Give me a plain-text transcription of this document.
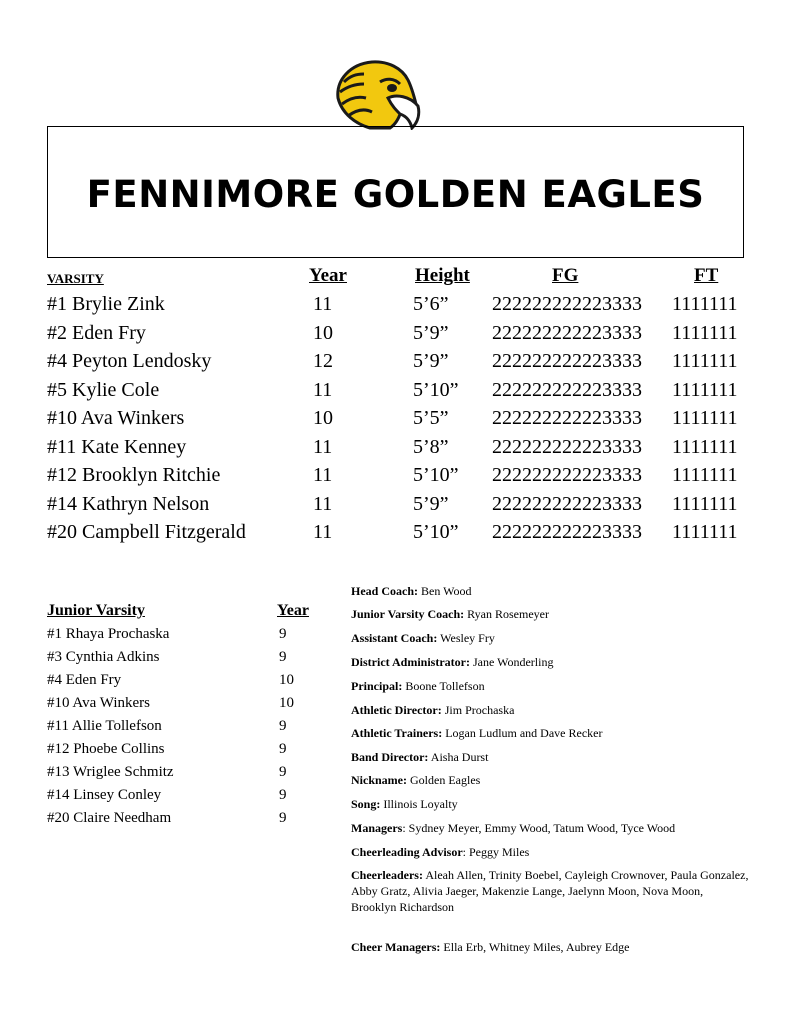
FENNIMORE GOLDEN EAGLES
VARSITY	Year	Height	FG	FT
#1 Brylie Zink	11	5’6” 222222222223333 1111111
#2 Eden Fry	10	5’9” 222222222223333 1111111
#4 Peyton Lendosky	12	5’9” 222222222223333 1111111
#5 Kylie Cole	11	5’10” 222222222223333 1111111
#10 Ava Winkers	10	5’5” 222222222223333 1111111
#11 Kate Kenney	11	5’8” 222222222223333 1111111
#12 Brooklyn Ritchie	11	5’10” 222222222223333 1111111
#14 Kathryn Nelson	11	5’9” 222222222223333 1111111
#20 Campbell Fitzgerald	11	5’10” 222222222223333 1111111
Junior Varsity	Year
#1 Rhaya Prochaska	9
#3 Cynthia Adkins	9
#4 Eden Fry	10
#10 Ava Winkers	10
#11 Allie Tollefson	9
#12 Phoebe Collins	9
#13 Wriglee Schmitz	9
#14 Linsey Conley	9
#20 Claire Needham	9
Head Coach: Ben Wood
Junior Varsity Coach: Ryan Rosemeyer
Assistant Coach: Wesley Fry
District Administrator: Jane Wonderling
Principal: Boone Tollefson
Athletic Director: Jim Prochaska
Athletic Trainers: Logan Ludlum and Dave Recker
Band Director: Aisha Durst
Nickname: Golden Eagles
Song: Illinois Loyalty
Managers: Sydney Meyer, Emmy Wood, Tatum Wood, Tyce Wood
Cheerleading Advisor: Peggy Miles
Cheerleaders: Aleah Allen, Trinity Boebel, Cayleigh Crownover, Paula Gonzalez, Abby Gratz, Alivia Jaeger, Makenzie Lange, Jaelynn Moon, Nova Moon, Brooklyn Richardson
Cheer Managers: Ella Erb, Whitney Miles, Aubrey Edge
